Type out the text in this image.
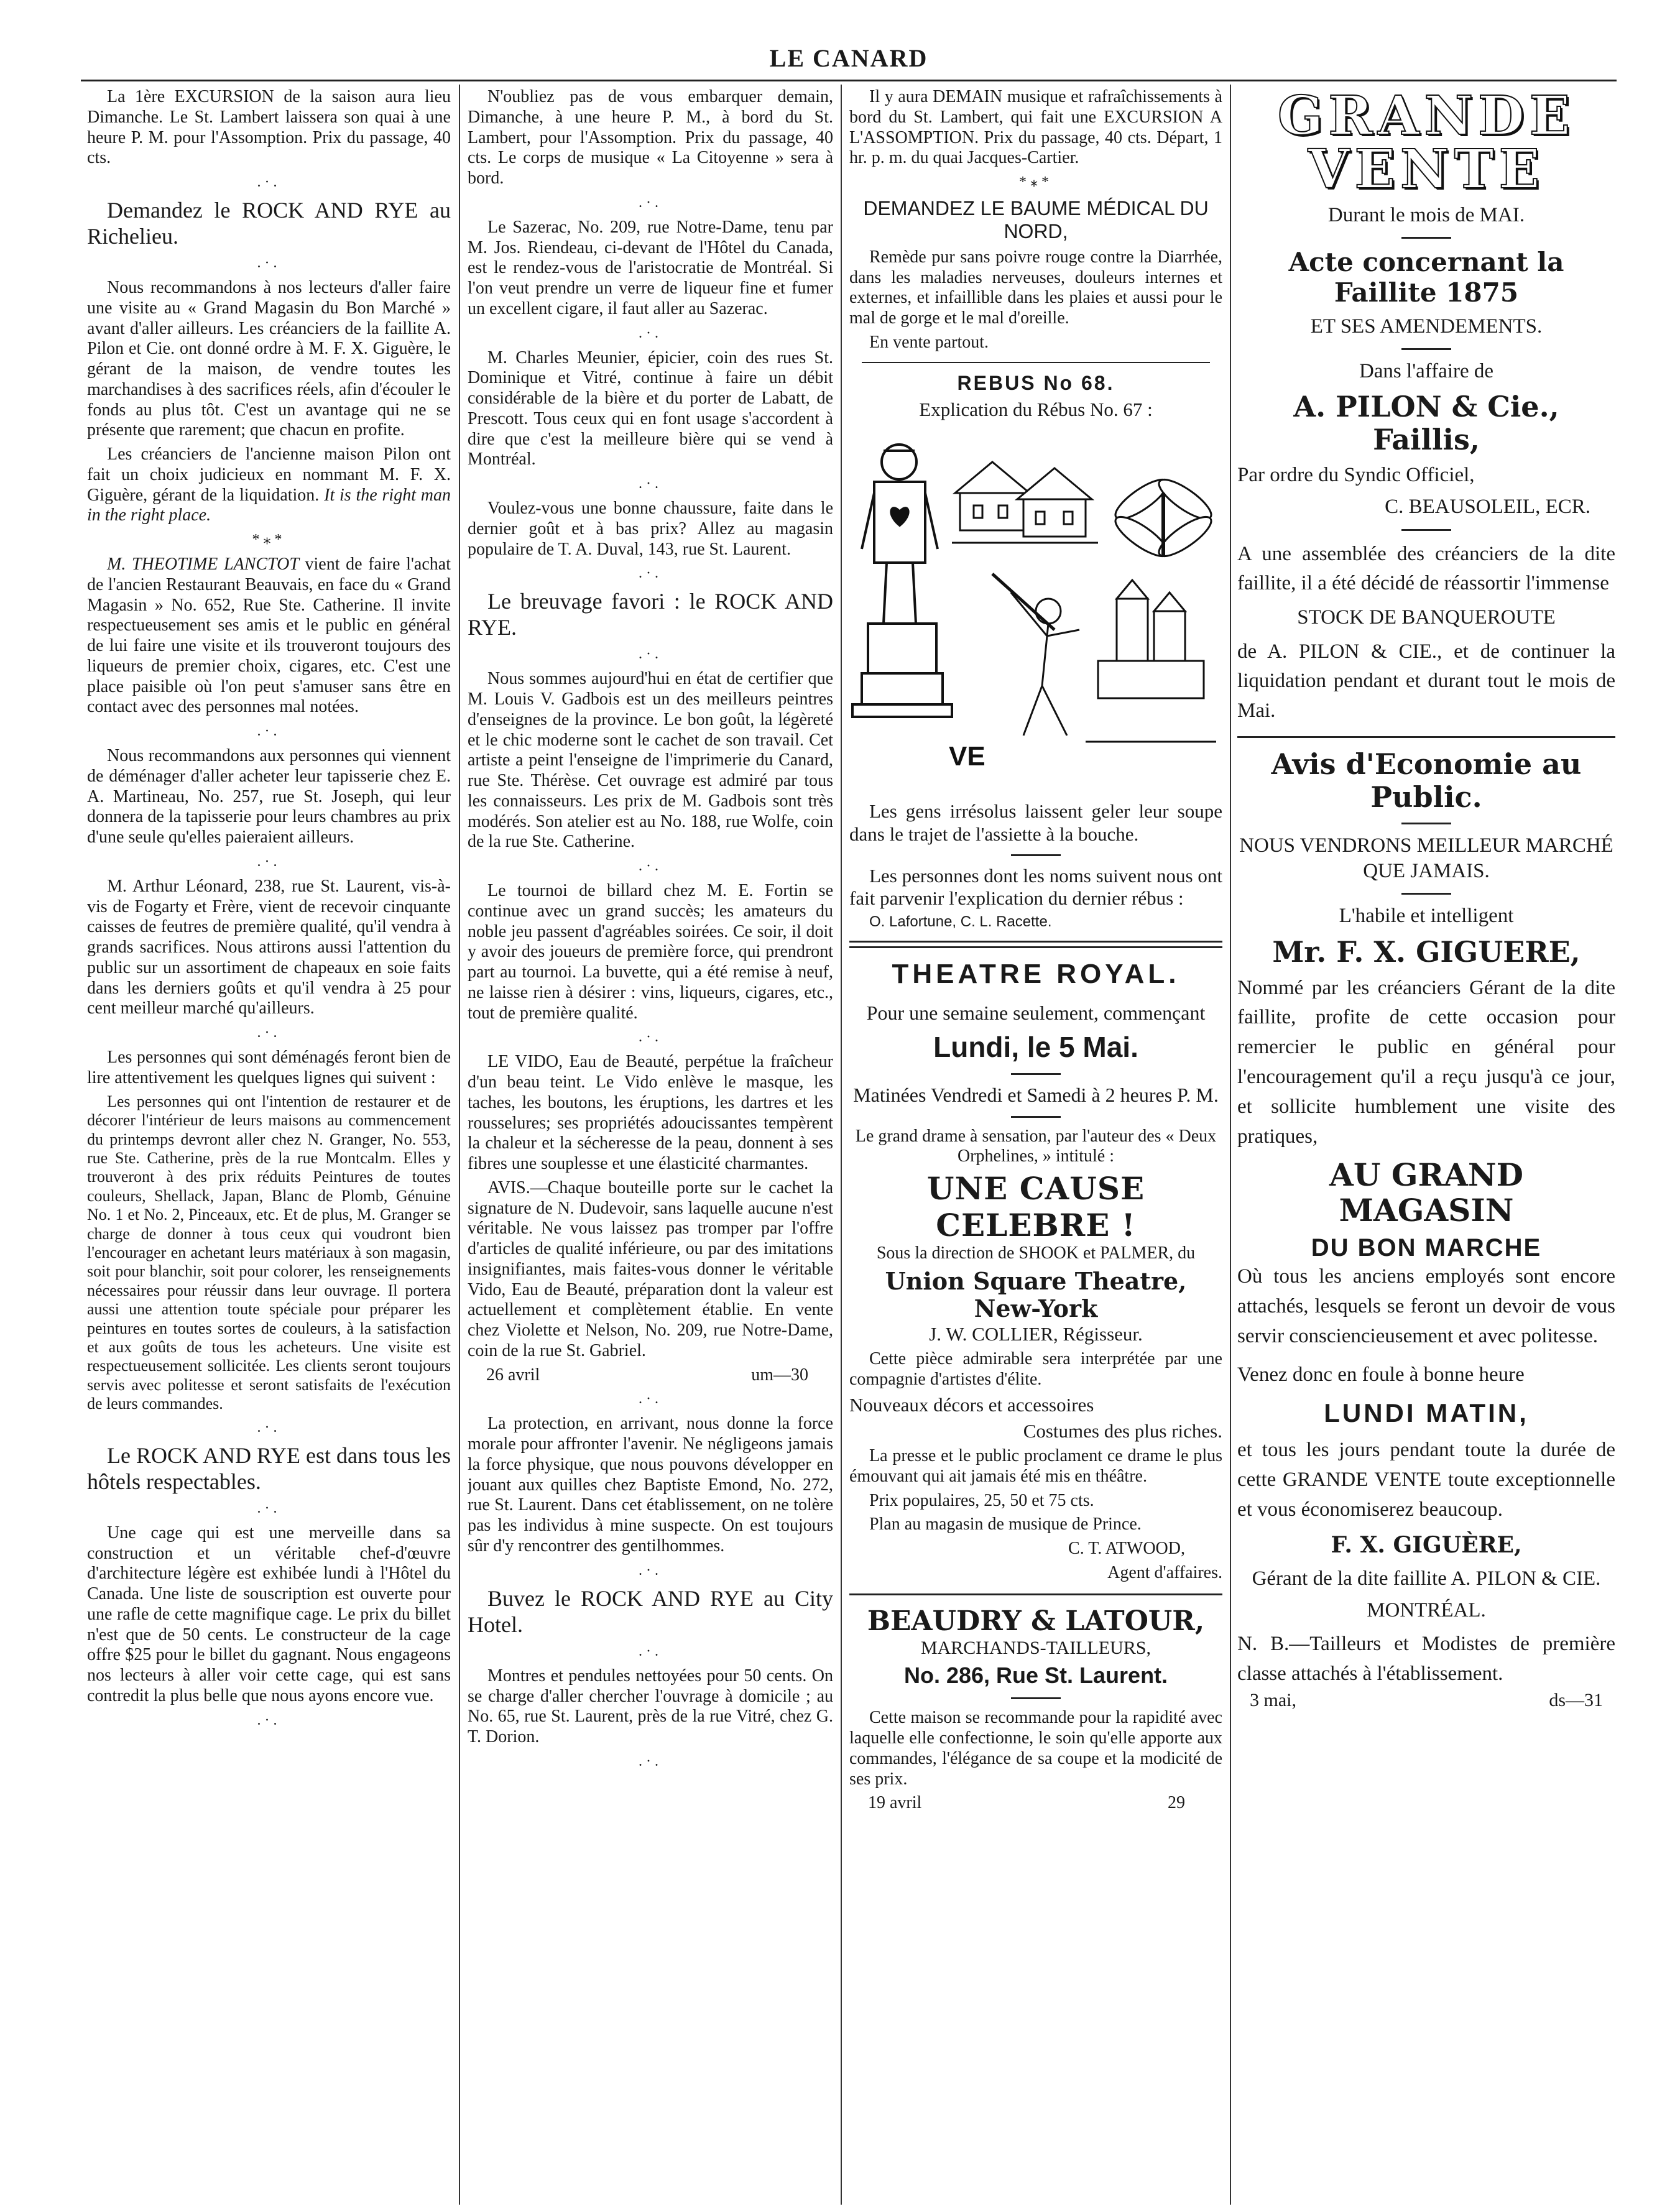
LE CANARD

La 1ère EXCURSION de la saison aura lieu Dimanche. Le St. Lambert laissera son quai à une heure P. M. pour l'Assomption. Prix du passage, 40 cts.

.·.

Demandez le ROCK AND RYE au Richelieu.

.·.

Nous recommandons à nos lecteurs d'aller faire une visite au « Grand Magasin du Bon Marché » avant d'aller ailleurs. Les créanciers de la faillite A. Pilon et Cie. ont donné ordre à M. F. X. Giguère, le gérant de la maison, de vendre toutes les marchandises à des sacrifices réels, afin d'écouler le fonds au plus tôt. C'est un avantage qui ne se présente que rarement; que chacun en profite.

Les créanciers de l'ancienne maison Pilon ont fait un choix judicieux en nommant M. F. X. Giguère, gérant de la liquidation. It is the right man in the right place.

*⁎*

M. THEOTIME LANCTOT vient de faire l'achat de l'ancien Restaurant Beauvais, en face du « Grand Magasin » No. 652, Rue Ste. Catherine. Il invite respectueusement ses amis et le public en général de lui faire une visite et ils trouveront toujours des liqueurs de premier choix, cigares, etc. C'est une place paisible où l'on peut s'amuser sans être en contact avec des personnes mal notées.

.·.

Nous recommandons aux personnes qui viennent de déménager d'aller acheter leur tapisserie chez E. A. Martineau, No. 257, rue St. Joseph, qui leur donnera de la tapisserie pour leurs chambres au prix d'une seule qu'elles paieraient ailleurs.

.·.

M. Arthur Léonard, 238, rue St. Laurent, vis-à-vis de Fogarty et Frère, vient de recevoir cinquante caisses de feutres de première qualité, qu'il vendra à grands sacrifices. Nous attirons aussi l'attention du public sur un assortiment de chapeaux en soie faits dans les derniers goûts et qu'il vendra à 25 pour cent meilleur marché qu'ailleurs.

.·.

Les personnes qui sont déménagés feront bien de lire attentivement les quelques lignes qui suivent :

Les personnes qui ont l'intention de restaurer et de décorer l'intérieur de leurs maisons au commencement du printemps devront aller chez N. Granger, No. 553, rue Ste. Catherine, près de la rue Montcalm. Elles y trouveront à des prix réduits Peintures de toutes couleurs, Shellack, Japan, Blanc de Plomb, Génuine No. 1 et No. 2, Pinceaux, etc. Et de plus, M. Granger se charge de donner à tous ceux qui voudront bien l'encourager en achetant leurs matériaux à son magasin, soit pour blanchir, soit pour colorer, les renseignements nécessaires pour réussir dans leur ouvrage. Il portera aussi une attention toute spéciale pour préparer les peintures en toutes sortes de couleurs, à la satisfaction et aux goûts de tous les acheteurs. Une visite est respectueusement sollicitée. Les clients seront toujours servis avec politesse et seront satisfaits de l'exécution de leurs commandes.

.·.

Le ROCK AND RYE est dans tous les hôtels respectables.

.·.

Une cage qui est une merveille dans sa construction et un véritable chef-d'œuvre d'architecture légère est exhibée lundi à l'Hôtel du Canada. Une liste de souscription est ouverte pour une rafle de cette magnifique cage. Le prix du billet n'est que de 50 cents. Le constructeur de la cage offre $25 pour le billet du gagnant. Nous engageons nos lecteurs à aller voir cette cage, qui est sans contredit la plus belle que nous ayons encore vue.

.·.

N'oubliez pas de vous embarquer demain, Dimanche, à une heure P. M., à bord du St. Lambert, pour l'Assomption. Prix du passage, 40 cts. Le corps de musique « La Citoyenne » sera à bord.

.·.

Le Sazerac, No. 209, rue Notre-Dame, tenu par M. Jos. Riendeau, ci-devant de l'Hôtel du Canada, est le rendez-vous de l'aristocratie de Montréal. Si l'on veut prendre un verre de liqueur fine et fumer un excellent cigare, il faut aller au Sazerac.

.·.

M. Charles Meunier, épicier, coin des rues St. Dominique et Vitré, continue à faire un débit considérable de la bière et du porter de Labatt, de Prescott. Tous ceux qui en font usage s'accordent à dire que c'est la meilleure bière qui se vend à Montréal.

.·.

Voulez-vous une bonne chaussure, faite dans le dernier goût et à bas prix? Allez au magasin populaire de T. A. Duval, 143, rue St. Laurent.

.·.

Le breuvage favori : le ROCK AND RYE.

.·.

Nous sommes aujourd'hui en état de certifier que M. Louis V. Gadbois est un des meilleurs peintres d'enseignes de la province. Le bon goût, la légèreté et le chic moderne sont le cachet de son travail. Cet artiste a peint l'enseigne de l'imprimerie du Canard, rue Ste. Thérèse. Cet ouvrage est admiré par tous les connaisseurs. Les prix de M. Gadbois sont très modérés. Son atelier est au No. 188, rue Wolfe, coin de la rue Ste. Catherine.

.·.

Le tournoi de billard chez M. E. Fortin se continue avec un grand succès; les amateurs du noble jeu passent d'agréables soirées. Ce soir, il doit y avoir des joueurs de première force, qui prendront part au tournoi. La buvette, qui a été remise à neuf, ne laisse rien à désirer : vins, liqueurs, cigares, etc., tout de première qualité.

.·.

LE VIDO, Eau de Beauté, perpétue la fraîcheur d'un beau teint. Le Vido enlève le masque, les taches, les boutons, les éruptions, les dartres et les rousselures; ses propriétés adoucissantes tempèrent la chaleur et la sécheresse de la peau, donnent à ses fibres une souplesse et une élasticité charmantes.

AVIS.—Chaque bouteille porte sur le cachet la signature de N. Dudevoir, sans laquelle aucune n'est véritable. Ne vous laissez pas tromper par l'offre d'articles de qualité inférieure, ou par des imitations insignifiantes, mais faites-vous donner le véritable Vido, Eau de Beauté, préparation dont la valeur est actuellement et complètement établie. En vente chez Violette et Nelson, No. 209, rue Notre-Dame, coin de la rue St. Gabriel.

26 avril	um—30
.·.

La protection, en arrivant, nous donne la force morale pour affronter l'avenir. Ne négligeons jamais la force physique, que nous pouvons développer en jouant aux quilles chez Baptiste Emond, No. 272, rue St. Laurent. Dans cet établissement, on ne tolère pas les individus à mine suspecte. On est toujours sûr d'y rencontrer des gentilhommes.

.·.

Buvez le ROCK AND RYE au City Hotel.

.·.

Montres et pendules nettoyées pour 50 cents. On se charge d'aller chercher l'ouvrage à domicile ; au No. 65, rue St. Laurent, près de la rue Vitré, chez G. T. Dorion.

.·.

Il y aura DEMAIN musique et rafraîchissements à bord du St. Lambert, qui fait une EXCURSION A L'ASSOMPTION. Prix du passage, 40 cts. Départ, 1 hr. p. m. du quai Jacques-Cartier.

*⁎*

DEMANDEZ LE BAUME MÉDICAL DU NORD,

Remède pur sans poivre rouge contre la Diarrhée, dans les maladies nerveuses, douleurs internes et externes, et infaillible dans les plaies et aussi pour le mal de gorge et le mal d'oreille.

En vente partout.

REBUS No 68.

Explication du Rébus No. 67 :

VE

Les gens irrésolus laissent geler leur soupe dans le trajet de l'assiette à la bouche.

Les personnes dont les noms suivent nous ont fait parvenir l'explication du dernier rébus :

O. Lafortune, C. L. Racette.

THEATRE ROYAL.

Pour une semaine seulement, commençant

Lundi, le 5 Mai.

Matinées Vendredi et Samedi à 2 heures P. M.

Le grand drame à sensation, par l'auteur des « Deux Orphelines, » intitulé :

UNE CAUSE CELEBRE !

Sous la direction de SHOOK et PALMER, du

Union Square Theatre, New-York

J. W. COLLIER, Régisseur.

Cette pièce admirable sera interprétée par une compagnie d'artistes d'élite.

Nouveaux décors et accessoires

Costumes des plus riches.

La presse et le public proclament ce drame le plus émouvant qui ait jamais été mis en théâtre.

Prix populaires, 25, 50 et 75 cts.

Plan au magasin de musique de Prince.

C. T. ATWOOD,

Agent d'affaires.

BEAUDRY & LATOUR,

MARCHANDS-TAILLEURS,

No. 286, Rue St. Laurent.

Cette maison se recommande pour la rapidité avec laquelle elle confectionne, le soin qu'elle apporte aux commandes, l'élégance de sa coupe et la modicité de ses prix.

19 avril	29
GRANDE VENTE
Durant le mois de MAI.
Acte concernant la Faillite 1875
ET SES AMENDEMENTS.
Dans l'affaire de
A. PILON & Cie., Faillis,
Par ordre du Syndic Officiel,
C. BEAUSOLEIL, ECR.
A une assemblée des créanciers de la dite faillite, il a été décidé de réassortir l'immense
STOCK DE BANQUEROUTE
de A. PILON & CIE., et de continuer la liquidation pendant et durant tout le mois de Mai.
Avis d'Economie au Public.
NOUS VENDRONS MEILLEUR MARCHÉ QUE JAMAIS.
L'habile et intelligent
Mr. F. X. GIGUERE,
Nommé par les créanciers Gérant de la dite faillite, profite de cette occasion pour remercier le public en général pour l'encouragement qu'il a reçu jusqu'à ce jour, et sollicite humblement une visite des pratiques,
AU GRAND MAGASIN
DU BON MARCHE
Où tous les anciens employés sont encore attachés, lesquels se feront un devoir de vous servir consciencieusement et avec politesse.
Venez donc en foule à bonne heure
LUNDI MATIN,
et tous les jours pendant toute la durée de cette GRANDE VENTE toute exceptionnelle et vous économiserez beaucoup.
F. X. GIGUÈRE,
Gérant de la dite faillite A. PILON & CIE.
MONTRÉAL.
N. B.—Tailleurs et Modistes de première classe attachés à l'établissement.
3 mai,	ds—31
